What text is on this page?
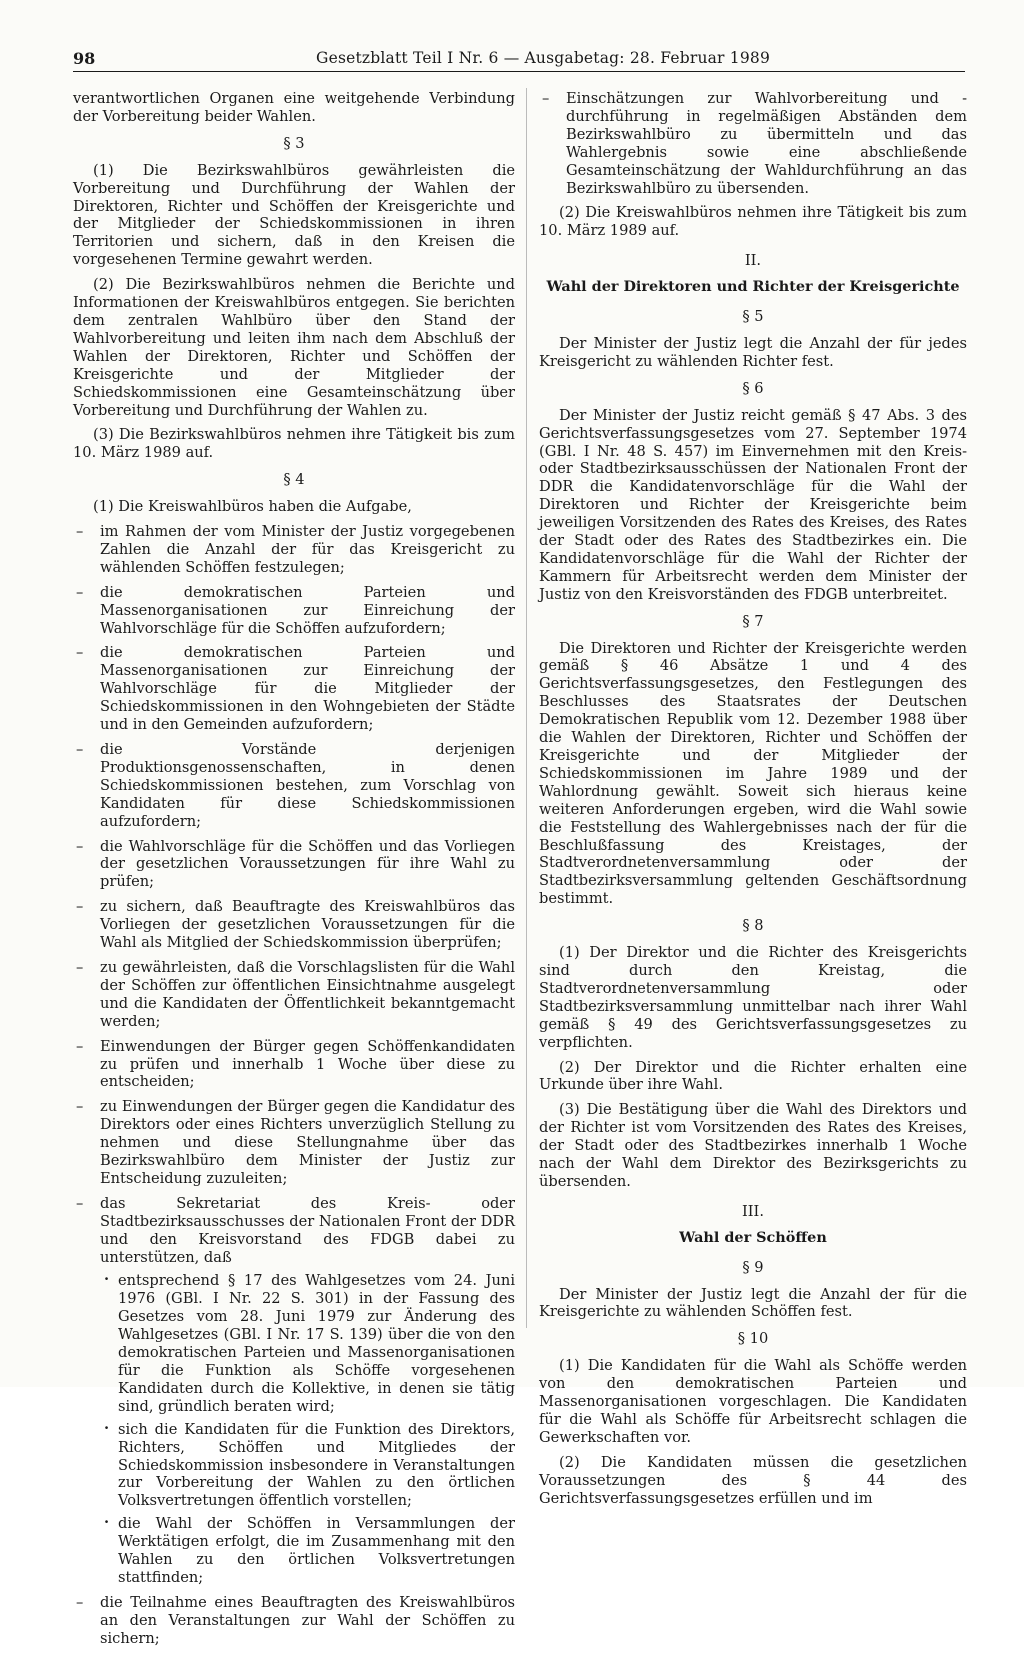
98	Gesetzblatt Teil I Nr. 6 — Ausgabetag: 28. Februar 1989

verantwortlichen Organen eine weitgehende Verbindung der Vorbereitung beider Wahlen.

§ 3

(1) Die Bezirkswahlbüros gewährleisten die Vorbereitung und Durchführung der Wahlen der Direktoren, Richter und Schöffen der Kreisgerichte und der Mitglieder der Schiedskommissionen in ihren Territorien und sichern, daß in den Kreisen die vorgesehenen Termine gewahrt werden.

(2) Die Bezirkswahlbüros nehmen die Berichte und Informationen der Kreiswahlbüros entgegen. Sie berichten dem zentralen Wahlbüro über den Stand der Wahlvorbereitung und leiten ihm nach dem Abschluß der Wahlen der Direktoren, Richter und Schöffen der Kreisgerichte und der Mitglieder der Schiedskommissionen eine Gesamteinschätzung über Vorbereitung und Durchführung der Wahlen zu.

(3) Die Bezirkswahlbüros nehmen ihre Tätigkeit bis zum 10. März 1989 auf.

§ 4

(1) Die Kreiswahlbüros haben die Aufgabe,

– im Rahmen der vom Minister der Justiz vorgegebenen Zahlen die Anzahl der für das Kreisgericht zu wählenden Schöffen festzulegen;
– die demokratischen Parteien und Massenorganisationen zur Einreichung der Wahlvorschläge für die Schöffen aufzufordern;
– die demokratischen Parteien und Massenorganisationen zur Einreichung der Wahlvorschläge für die Mitglieder der Schiedskommissionen in den Wohngebieten der Städte und in den Gemeinden aufzufordern;
– die Vorstände derjenigen Produktionsgenossenschaften, in denen Schiedskommissionen bestehen, zum Vorschlag von Kandidaten für diese Schiedskommissionen aufzufordern;
– die Wahlvorschläge für die Schöffen und das Vorliegen der gesetzlichen Voraussetzungen für ihre Wahl zu prüfen;
– zu sichern, daß Beauftragte des Kreiswahlbüros das Vorliegen der gesetzlichen Voraussetzungen für die Wahl als Mitglied der Schiedskommission überprüfen;
– zu gewährleisten, daß die Vorschlagslisten für die Wahl der Schöffen zur öffentlichen Einsichtnahme ausgelegt und die Kandidaten der Öffentlichkeit bekanntgemacht werden;
– Einwendungen der Bürger gegen Schöffenkandidaten zu prüfen und innerhalb 1 Woche über diese zu entscheiden;
– zu Einwendungen der Bürger gegen die Kandidatur des Direktors oder eines Richters unverzüglich Stellung zu nehmen und diese Stellungnahme über das Bezirkswahlbüro dem Minister der Justiz zur Entscheidung zuzuleiten;
– das Sekretariat des Kreis- oder Stadtbezirksausschusses der Nationalen Front der DDR und den Kreisvorstand des FDGB dabei zu unterstützen, daß
· entsprechend § 17 des Wahlgesetzes vom 24. Juni 1976 (GBl. I Nr. 22 S. 301) in der Fassung des Gesetzes vom 28. Juni 1979 zur Änderung des Wahlgesetzes (GBl. I Nr. 17 S. 139) über die von den demokratischen Parteien und Massenorganisationen für die Funktion als Schöffe vorgesehenen Kandidaten durch die Kollektive, in denen sie tätig sind, gründlich beraten wird;
· sich die Kandidaten für die Funktion des Direktors, Richters, Schöffen und Mitgliedes der Schiedskommission insbesondere in Veranstaltungen zur Vorbereitung der Wahlen zu den örtlichen Volksvertretungen öffentlich vorstellen;
· die Wahl der Schöffen in Versammlungen der Werktätigen erfolgt, die im Zusammenhang mit den Wahlen zu den örtlichen Volksvertretungen stattfinden;
– die Teilnahme eines Beauftragten des Kreiswahlbüros an den Veranstaltungen zur Wahl der Schöffen zu sichern;
– Einschätzungen zur Wahlvorbereitung und -durchführung in regelmäßigen Abständen dem Bezirkswahlbüro zu übermitteln und das Wahlergebnis sowie eine abschließende Gesamteinschätzung der Wahldurchführung an das Bezirkswahlbüro zu übersenden.

(2) Die Kreiswahlbüros nehmen ihre Tätigkeit bis zum 10. März 1989 auf.

II.
Wahl der Direktoren und Richter der Kreisgerichte
§ 5

Der Minister der Justiz legt die Anzahl der für jedes Kreisgericht zu wählenden Richter fest.

§ 6

Der Minister der Justiz reicht gemäß § 47 Abs. 3 des Gerichtsverfassungsgesetzes vom 27. September 1974 (GBl. I Nr. 48 S. 457) im Einvernehmen mit den Kreis- oder Stadtbezirksausschüssen der Nationalen Front der DDR die Kandidatenvorschläge für die Wahl der Direktoren und Richter der Kreisgerichte beim jeweiligen Vorsitzenden des Rates des Kreises, des Rates der Stadt oder des Rates des Stadtbezirkes ein. Die Kandidatenvorschläge für die Wahl der Richter der Kammern für Arbeitsrecht werden dem Minister der Justiz von den Kreisvorständen des FDGB unterbreitet.

§ 7

Die Direktoren und Richter der Kreisgerichte werden gemäß § 46 Absätze 1 und 4 des Gerichtsverfassungsgesetzes, den Festlegungen des Beschlusses des Staatsrates der Deutschen Demokratischen Republik vom 12. Dezember 1988 über die Wahlen der Direktoren, Richter und Schöffen der Kreisgerichte und der Mitglieder der Schiedskommissionen im Jahre 1989 und der Wahlordnung gewählt. Soweit sich hieraus keine weiteren Anforderungen ergeben, wird die Wahl sowie die Feststellung des Wahlergebnisses nach der für die Beschlußfassung des Kreistages, der Stadtverordnetenversammlung oder der Stadtbezirksversammlung geltenden Geschäftsordnung bestimmt.

§ 8

(1) Der Direktor und die Richter des Kreisgerichts sind durch den Kreistag, die Stadtverordnetenversammlung oder Stadtbezirksversammlung unmittelbar nach ihrer Wahl gemäß § 49 des Gerichtsverfassungsgesetzes zu verpflichten.

(2) Der Direktor und die Richter erhalten eine Urkunde über ihre Wahl.

(3) Die Bestätigung über die Wahl des Direktors und der Richter ist vom Vorsitzenden des Rates des Kreises, der Stadt oder des Stadtbezirkes innerhalb 1 Woche nach der Wahl dem Direktor des Bezirksgerichts zu übersenden.

III.
Wahl der Schöffen
§ 9

Der Minister der Justiz legt die Anzahl der für die Kreisgerichte zu wählenden Schöffen fest.

§ 10

(1) Die Kandidaten für die Wahl als Schöffe werden von den demokratischen Parteien und Massenorganisationen vorgeschlagen. Die Kandidaten für die Wahl als Schöffe für Arbeitsrecht schlagen die Gewerkschaften vor.

(2) Die Kandidaten müssen die gesetzlichen Voraussetzungen des § 44 des Gerichtsverfassungsgesetzes erfüllen und im
